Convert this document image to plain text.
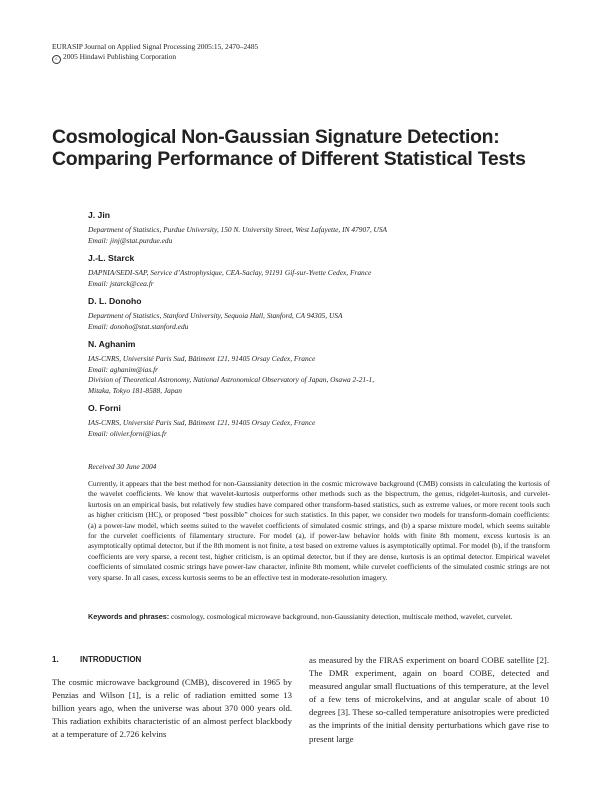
EURASIP Journal on Applied Signal Processing 2005:15, 2470–2485
c 2005 Hindawi Publishing Corporation
Cosmological Non-Gaussian Signature Detection:
Comparing Performance of Different Statistical Tests
J. Jin
Department of Statistics, Purdue University, 150 N. University Street, West Lafayette, IN 47907, USA
Email: jinj@stat.purdue.edu
J.-L. Starck
DAPNIA/SEDI-SAP, Service d’Astrophysique, CEA-Saclay, 91191 Gif-sur-Yvette Cedex, France
Email: jstarck@cea.fr
D. L. Donoho
Department of Statistics, Stanford University, Sequoia Hall, Stanford, CA 94305, USA
Email: donoho@stat.stanford.edu
N. Aghanim
IAS-CNRS, Université Paris Sud, Bâtiment 121, 91405 Orsay Cedex, France
Email: aghanim@ias.fr
Division of Theoretical Astronomy, National Astronomical Observatory of Japan, Osawa 2-21-1,
Mitaka, Tokyo 181-8588, Japan
O. Forni
IAS-CNRS, Université Paris Sud, Bâtiment 121, 91405 Orsay Cedex, France
Email: olivier.forni@ias.fr
Received 30 June 2004
Currently, it appears that the best method for non-Gaussianity detection in the cosmic microwave background (CMB) consists in calculating the kurtosis of the wavelet coefficients. We know that wavelet-kurtosis outperforms other methods such as the bispectrum, the genus, ridgelet-kurtosis, and curvelet-kurtosis on an empirical basis, but relatively few studies have compared other transform-based statistics, such as extreme values, or more recent tools such as higher criticism (HC), or proposed “best possible” choices for such statistics. In this paper, we consider two models for transform-domain coefficients: (a) a power-law model, which seems suited to the wavelet coefficients of simulated cosmic strings, and (b) a sparse mixture model, which seems suitable for the curvelet coefficients of filamentary structure. For model (a), if power-law behavior holds with finite 8th moment, excess kurtosis is an asymptotically optimal detector, but if the 8th moment is not finite, a test based on extreme values is asymptotically optimal. For model (b), if the transform coefficients are very sparse, a recent test, higher criticism, is an optimal detector, but if they are dense, kurtosis is an optimal detector. Empirical wavelet coefficients of simulated cosmic strings have power-law character, infinite 8th moment, while curvelet coefficients of the simulated cosmic strings are not very sparse. In all cases, excess kurtosis seems to be an effective test in moderate-resolution imagery.
Keywords and phrases: cosmology, cosmological microwave background, non-Gaussianity detection, multiscale method, wavelet, curvelet.
1.	INTRODUCTION
The cosmic microwave background (CMB), discovered in 1965 by Penzias and Wilson [1], is a relic of radiation emitted some 13 billion years ago, when the universe was about 370 000 years old. This radiation exhibits characteristic of an almost perfect blackbody at a temperature of 2.726 kelvins
as measured by the FIRAS experiment on board COBE satellite [2]. The DMR experiment, again on board COBE, detected and measured angular small fluctuations of this temperature, at the level of a few tens of microkelvins, and at angular scale of about 10 degrees [3]. These so-called temperature anisotropies were predicted as the imprints of the initial density perturbations which gave rise to present large
